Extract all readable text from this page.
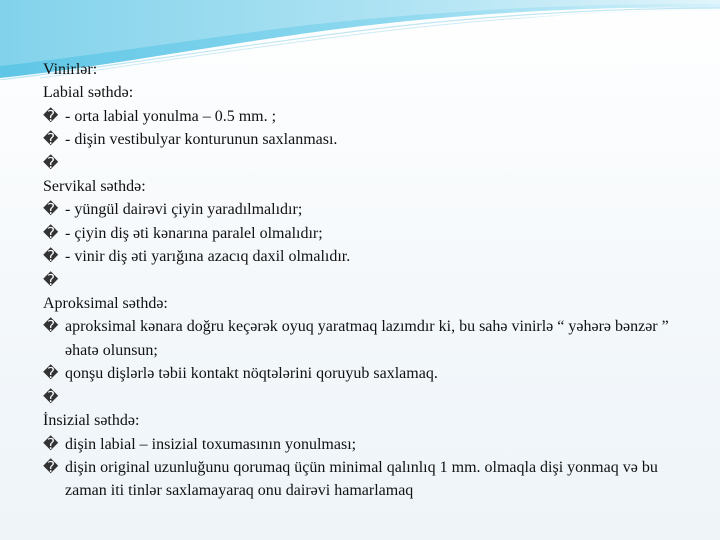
Vinirlər:

Labial səthdə:

� - orta labial yonulma – 0.5 mm. ;
� - dişin vestibulyar konturunun saxlanması.
�

Servikal səthdə:

� - yüngül dairəvi çiyin yaradılmalıdır;
� - çiyin diş əti kənarına paralel olmalıdır;
� - vinir diş əti yarığına azacıq daxil olmalıdır.
�

Aproksimal səthdə:

� aproksimal kənara doğru keçərək oyuq yaratmaq lazımdır ki, bu sahə vinirlə “ yəhərə bənzər ” əhatə olunsun;
� qonşu dişlərlə təbii kontakt nöqtələrini qoruyub saxlamaq.
�

İnsizial səthdə:

� dişin labial – insizial toxumasının yonulması;
� dişin original uzunluğunu qorumaq üçün minimal qalınlıq 1 mm. olmaqla dişi yonmaq və bu zaman iti tinlər saxlamayaraq onu dairəvi hamarlamaq
